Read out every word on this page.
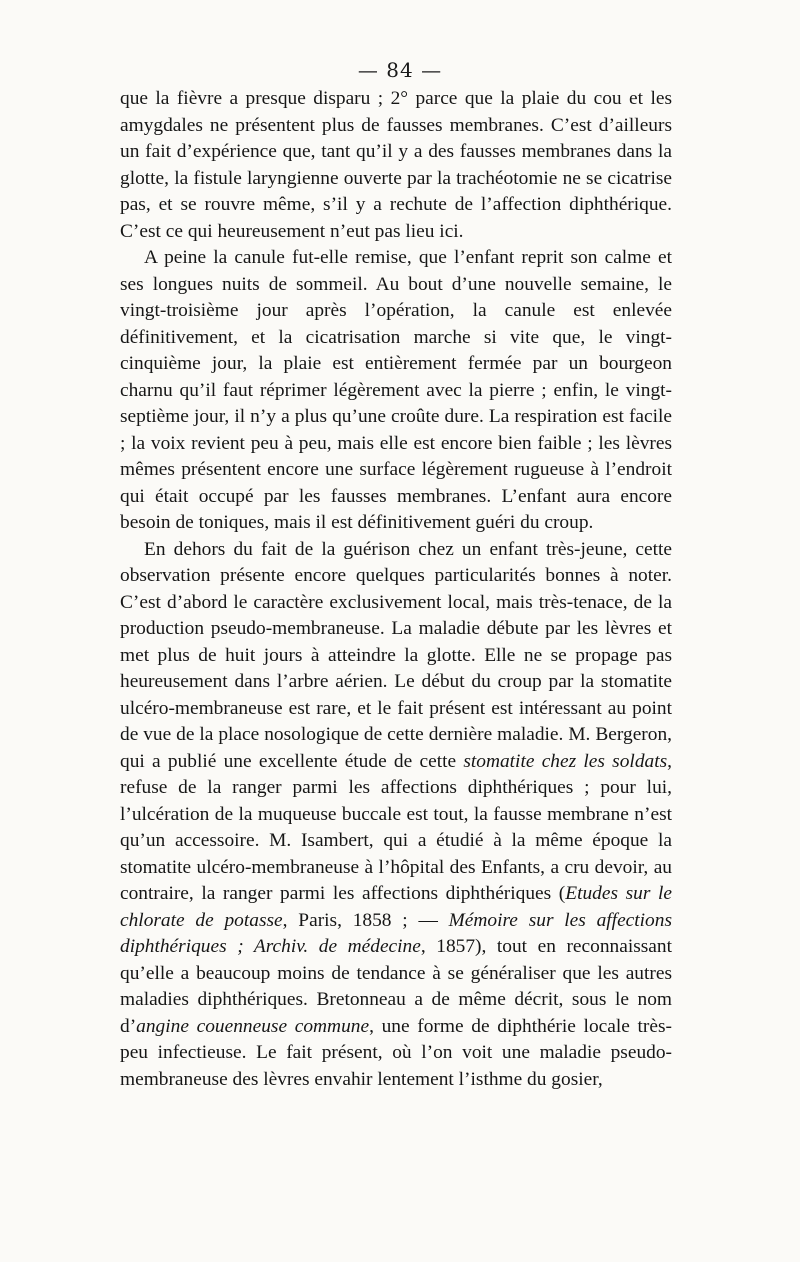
— 84 —

que la fièvre a presque disparu ; 2° parce que la plaie du cou et les amygdales ne présentent plus de fausses membranes. C’est d’ailleurs un fait d’expérience que, tant qu’il y a des fausses membranes dans la glotte, la fistule laryngienne ouverte par la trachéotomie ne se cicatrise pas, et se rouvre même, s’il y a rechute de l’affection diphthérique. C’est ce qui heureusement n’eut pas lieu ici.

A peine la canule fut-elle remise, que l’enfant reprit son calme et ses longues nuits de sommeil. Au bout d’une nouvelle semaine, le vingt-troisième jour après l’opération, la canule est enlevée définitivement, et la cicatrisation marche si vite que, le vingt-cinquième jour, la plaie est entièrement fermée par un bourgeon charnu qu’il faut réprimer légèrement avec la pierre ; enfin, le vingt-septième jour, il n’y a plus qu’une croûte dure. La respiration est facile ; la voix revient peu à peu, mais elle est encore bien faible ; les lèvres mêmes présentent encore une surface légèrement rugueuse à l’endroit qui était occupé par les fausses membranes. L’enfant aura encore besoin de toniques, mais il est définitivement guéri du croup.

En dehors du fait de la guérison chez un enfant très-jeune, cette observation présente encore quelques particularités bonnes à noter. C’est d’abord le caractère exclusivement local, mais très-tenace, de la production pseudo-membraneuse. La maladie débute par les lèvres et met plus de huit jours à atteindre la glotte. Elle ne se propage pas heureusement dans l’arbre aérien. Le début du croup par la stomatite ulcéro-membraneuse est rare, et le fait présent est intéressant au point de vue de la place nosologique de cette dernière maladie. M. Bergeron, qui a publié une excellente étude de cette stomatite chez les soldats, refuse de la ranger parmi les affections diphthériques ; pour lui, l’ulcération de la muqueuse buccale est tout, la fausse membrane n’est qu’un accessoire. M. Isambert, qui a étudié à la même époque la stomatite ulcéro-membraneuse à l’hôpital des Enfants, a cru devoir, au contraire, la ranger parmi les affections diphthériques (Etudes sur le chlorate de potasse, Paris, 1858 ; — Mémoire sur les affections diphthériques ; Archiv. de médecine, 1857), tout en reconnaissant qu’elle a beaucoup moins de tendance à se généraliser que les autres maladies diphthériques. Bretonneau a de même décrit, sous le nom d’angine couenneuse commune, une forme de diphthérie locale très-peu infectieuse. Le fait présent, où l’on voit une maladie pseudo-membraneuse des lèvres envahir lentement l’isthme du gosier,
